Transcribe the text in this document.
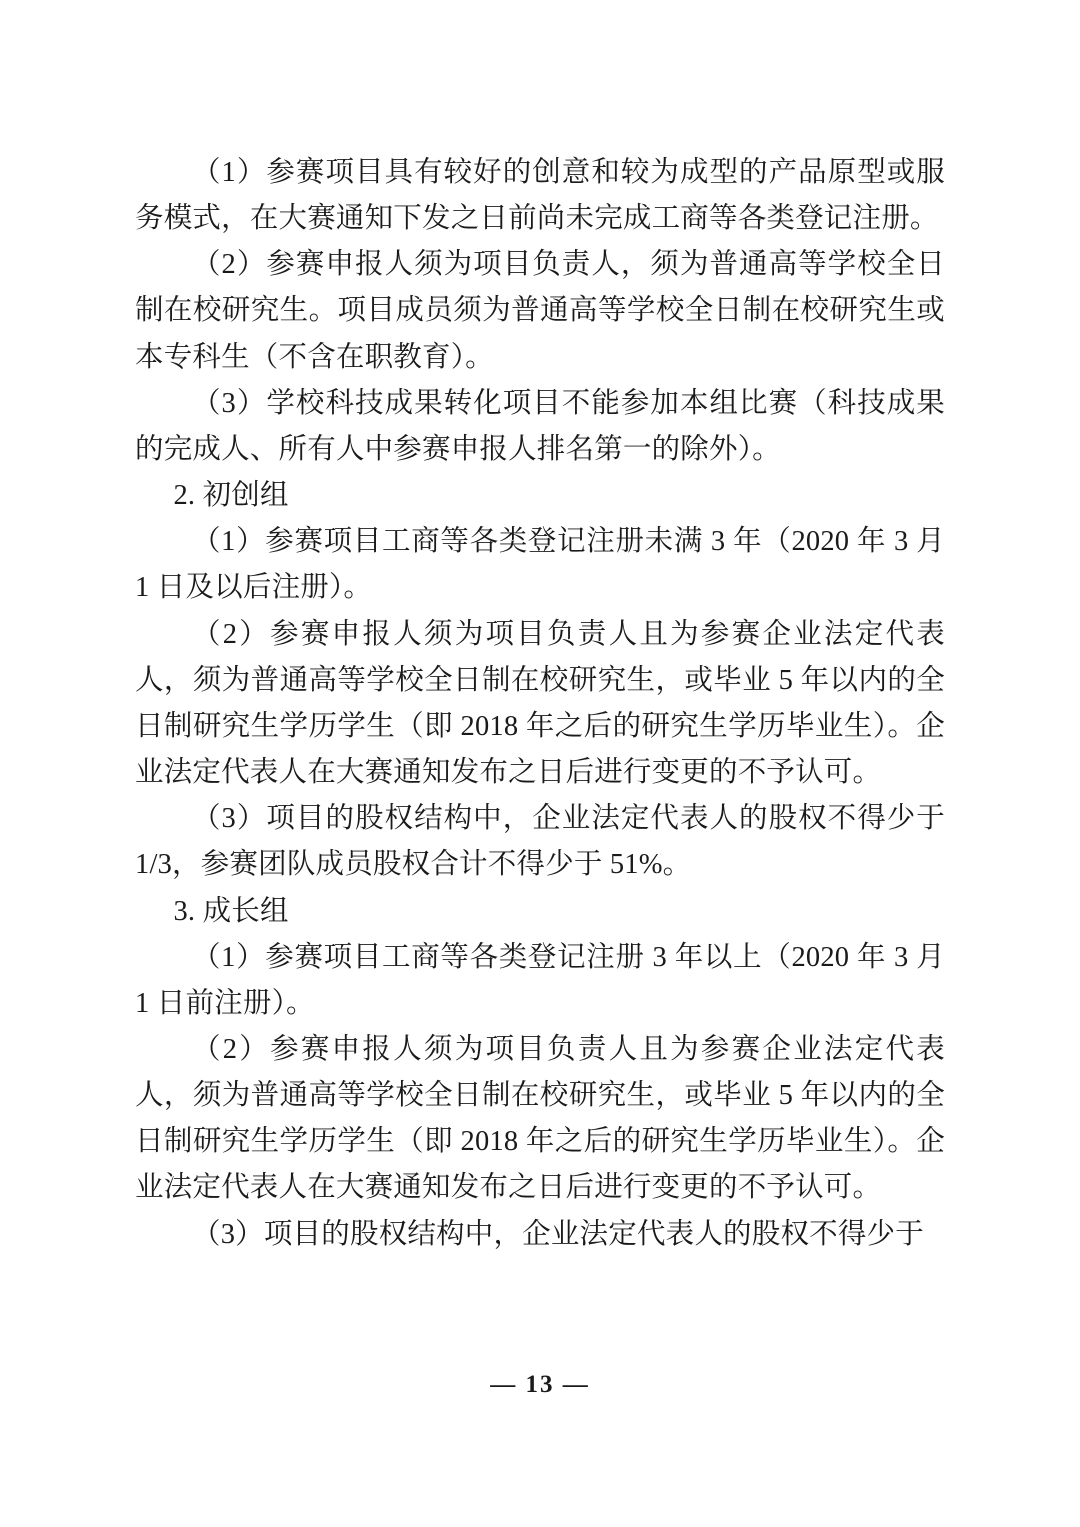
（1）参赛项目具有较好的创意和较为成型的产品原型或服务模式，在大赛通知下发之日前尚未完成工商等各类登记注册。

（2）参赛申报人须为项目负责人，须为普通高等学校全日制在校研究生。项目成员须为普通高等学校全日制在校研究生或本专科生（不含在职教育）。

（3）学校科技成果转化项目不能参加本组比赛（科技成果的完成人、所有人中参赛申报人排名第一的除外）。

2. 初创组

（1）参赛项目工商等各类登记注册未满 3 年（2020 年 3 月 1 日及以后注册）。

（2）参赛申报人须为项目负责人且为参赛企业法定代表人，须为普通高等学校全日制在校研究生，或毕业 5 年以内的全日制研究生学历学生（即 2018 年之后的研究生学历毕业生）。企业法定代表人在大赛通知发布之日后进行变更的不予认可。

（3）项目的股权结构中，企业法定代表人的股权不得少于 1/3，参赛团队成员股权合计不得少于 51%。

3. 成长组

（1）参赛项目工商等各类登记注册 3 年以上（2020 年 3 月 1 日前注册）。

（2）参赛申报人须为项目负责人且为参赛企业法定代表人，须为普通高等学校全日制在校研究生，或毕业 5 年以内的全日制研究生学历学生（即 2018 年之后的研究生学历毕业生）。企业法定代表人在大赛通知发布之日后进行变更的不予认可。

（3）项目的股权结构中，企业法定代表人的股权不得少于

— 13 —
